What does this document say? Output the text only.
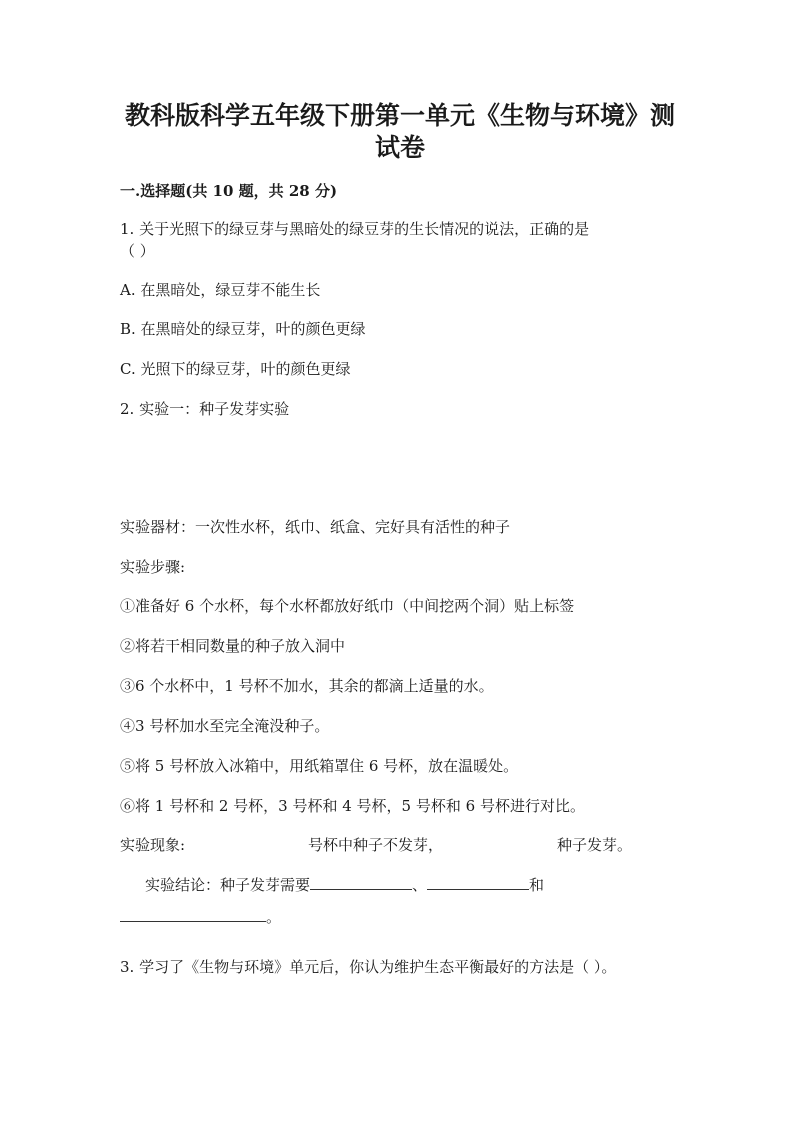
教科版科学五年级下册第一单元《生物与环境》测
试卷
一.选择题(共 10 题，共 28 分)
1. 关于光照下的绿豆芽与黑暗处的绿豆芽的生长情况的说法，正确的是
（ ）
A. 在黑暗处，绿豆芽不能生长
B. 在黑暗处的绿豆芽，叶的颜色更绿
C. 光照下的绿豆芽，叶的颜色更绿
2. 实验一：种子发芽实验
实验器材：一次性水杯，纸巾、纸盒、完好具有活性的种子
实验步骤:
①准备好 6 个水杯，每个水杯都放好纸巾（中间挖两个洞）贴上标签
②将若干相同数量的种子放入洞中
③6 个水杯中，1 号杯不加水，其余的都滴上适量的水。
④3 号杯加水至完全淹没种子。
⑤将 5 号杯放入冰箱中，用纸箱罩住 6 号杯，放在温暖处。
⑥将 1 号杯和 2 号杯，3 号杯和 4 号杯，5 号杯和 6 号杯进行对比。
实验现象:	号杯中种子不发芽，	种子发芽。
实验结论：种子发芽需要	、	和
。
3. 学习了《生物与环境》单元后，你认为维护生态平衡最好的方法是（ ）。
